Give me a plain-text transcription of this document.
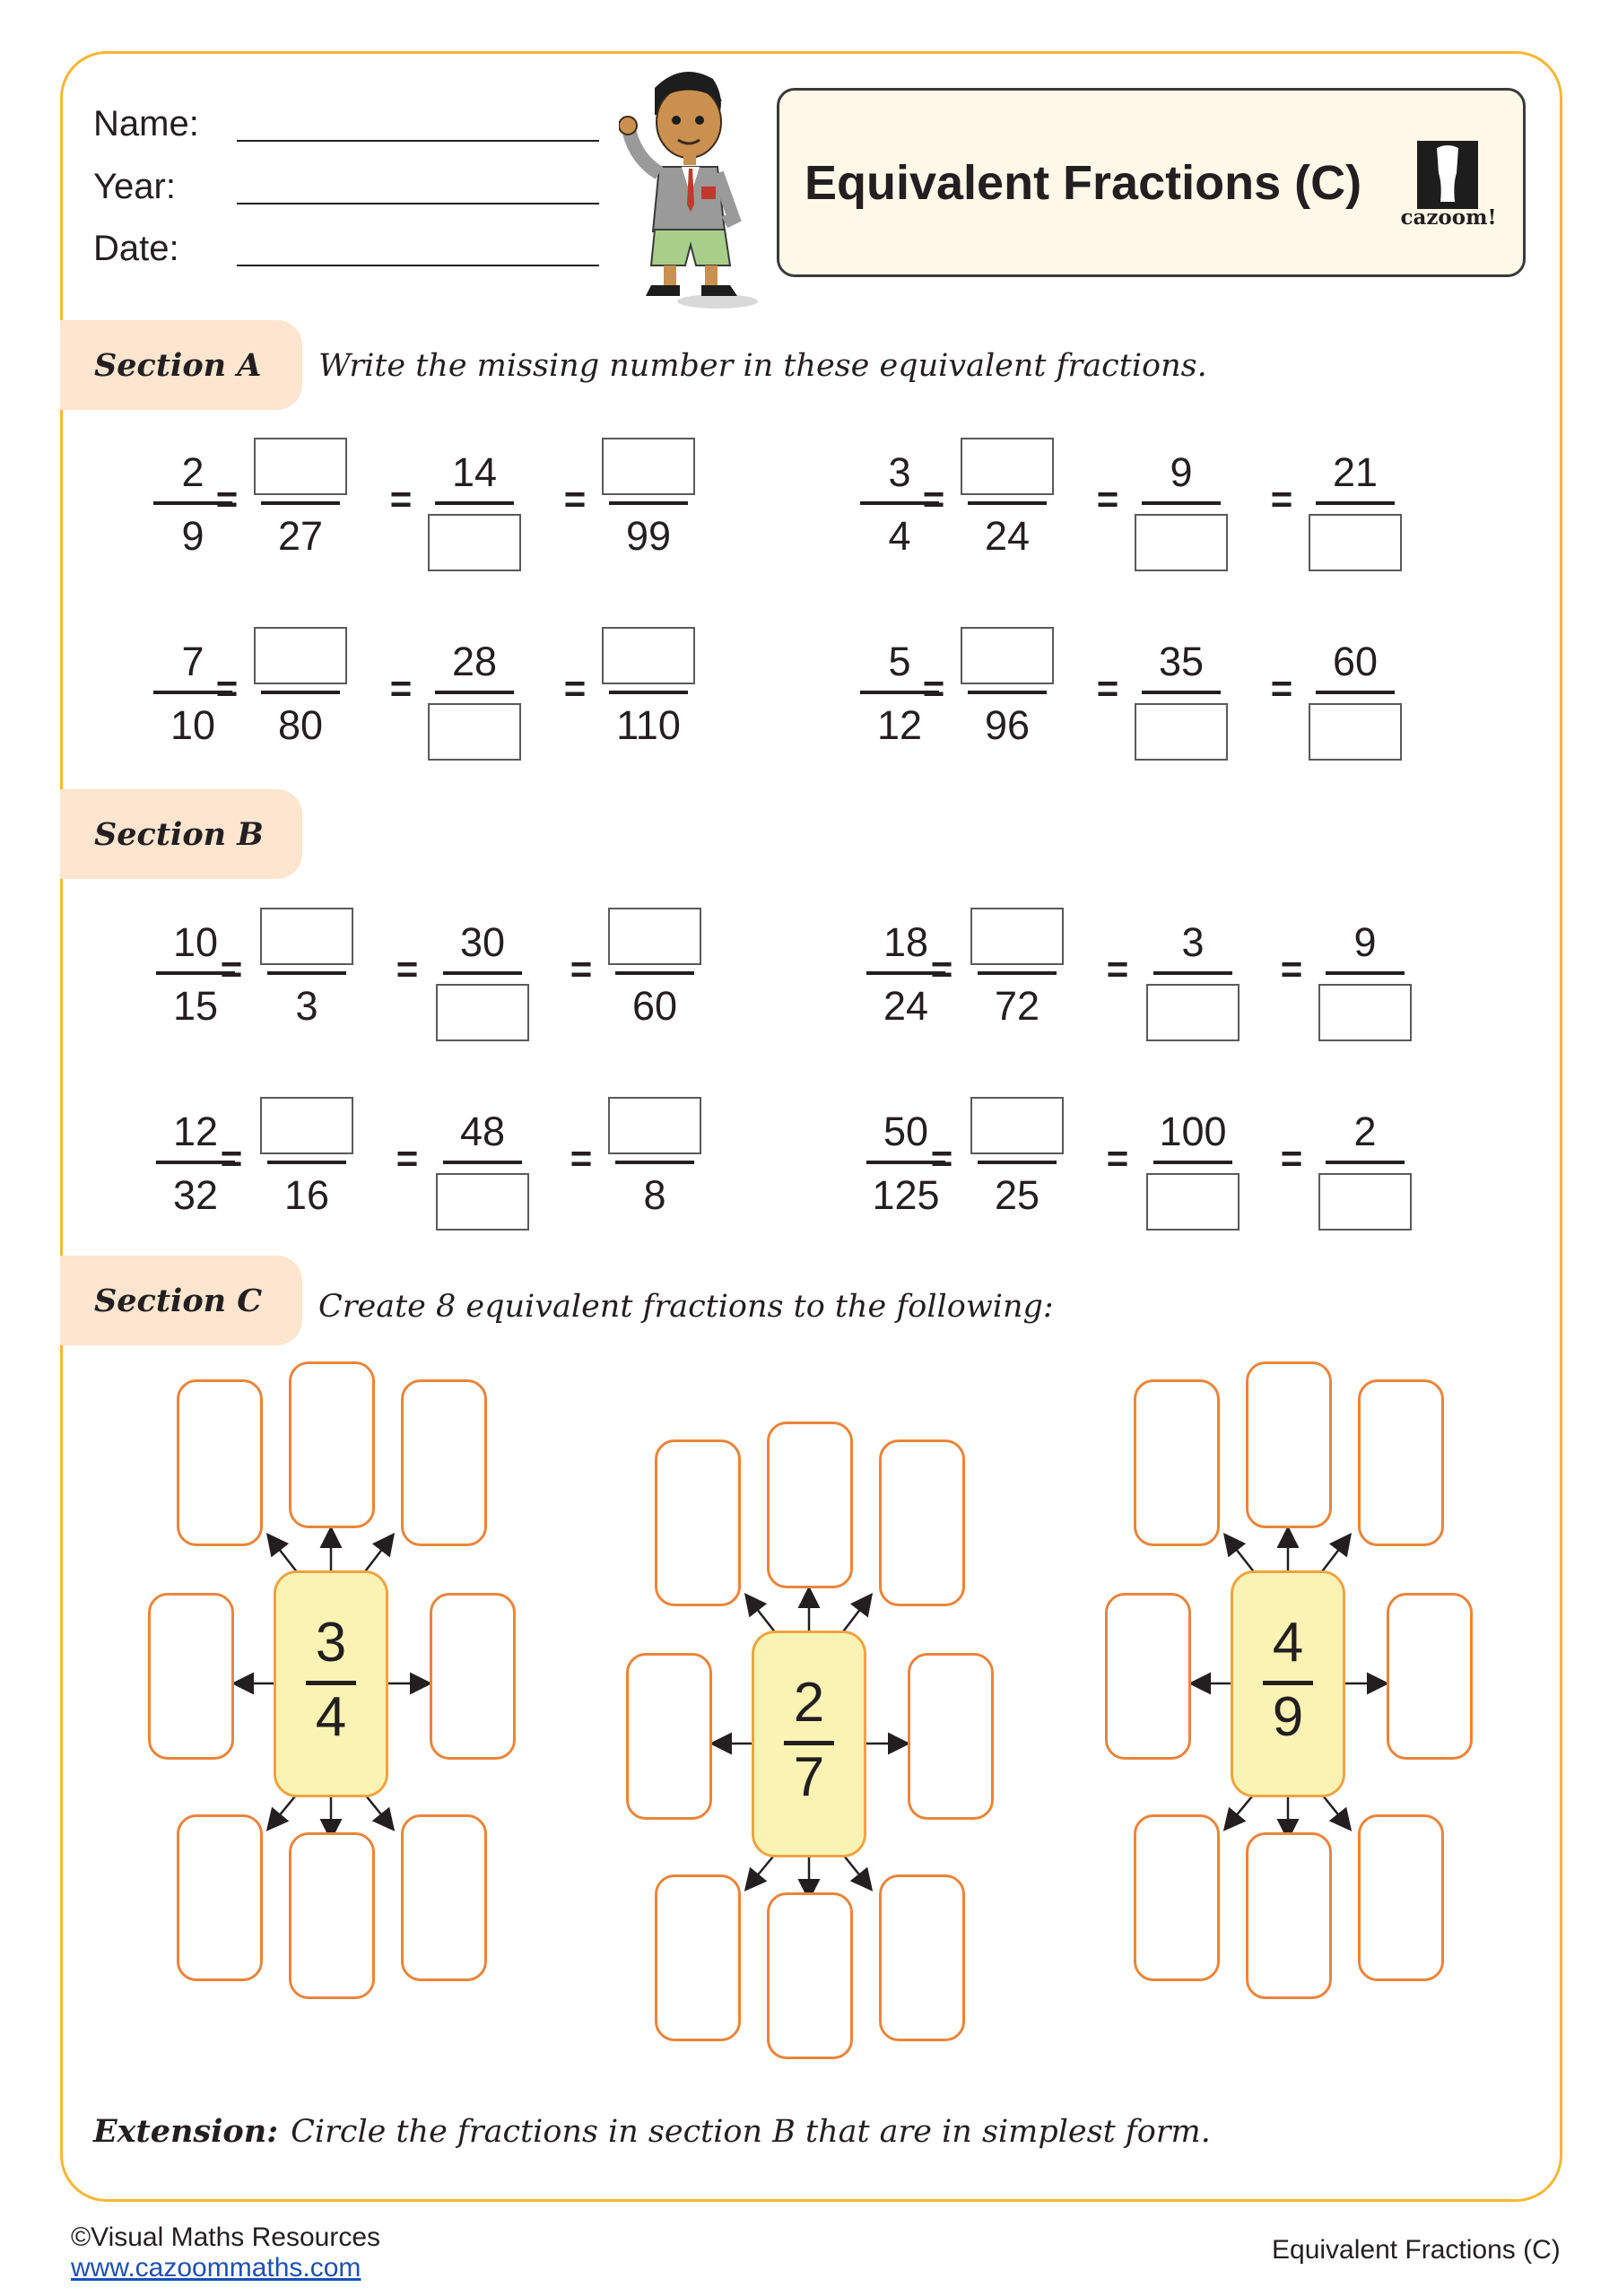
Name:
Year:
Date:
Equivalent Fractions (C)
cazoom!
Section A Write the missing number in these equivalent fractions.
2
9
=
27
=
14
=
99
3
4
=
24
=
9
=
21
7
10
=
80
=
28
=
110
5
12
=
96
=
35
=
60
Section B
10
15
=
3
=
30
=
60
18
24
=
72
=
3
=
9
12
32
=
16
=
48
=
8
50
125
=
25
=
100
=
2
Section C Create 8 equivalent fractions to the following:
3
4	2
7
4
9
Extension: Circle the fractions in section B that are in simplest form.
©Visual Maths Resources
www.cazoommaths.com
Equivalent Fractions (C)
